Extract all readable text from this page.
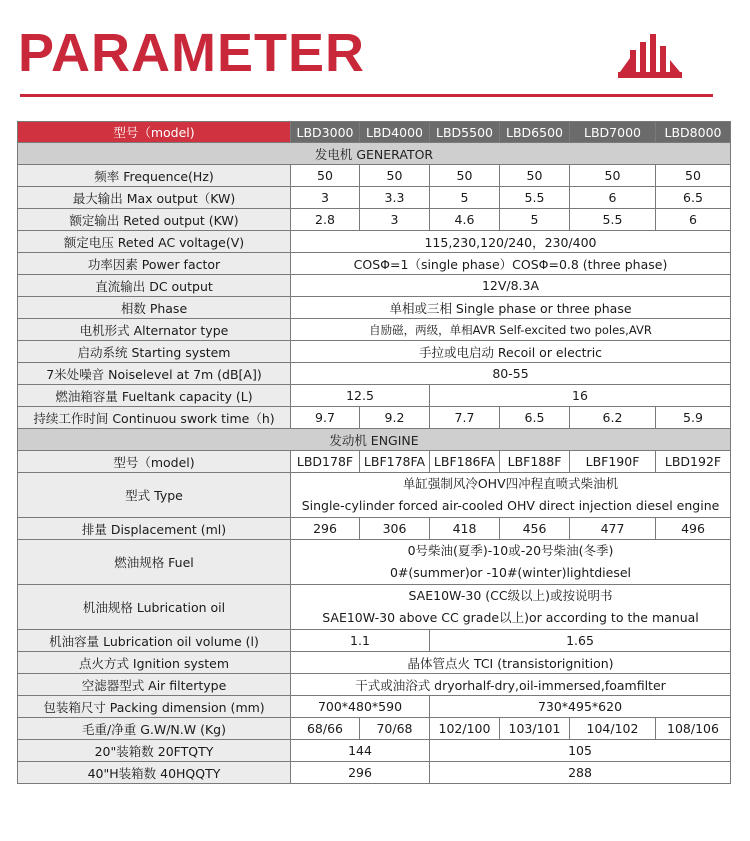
PARAMETER
型号（model)	LBD3000	LBD4000	LBD5500	LBD6500	LBD7000	LBD8000
发电机 GENERATOR						
频率 Frequence(Hz)	50	50	50	50	50	50
最大输出 Max output（KW)	3	3.3	5	5.5	6	6.5
额定输出 Reted output (KW)	2.8	3	4.6	5	5.5	6
额定电压 Reted AC voltage(V)	115,230,120/240，230/400					
功率因素 Power factor	COSΦ=1（single phase）COSΦ=0.8 (three phase)					
直流输出 DC output	12V/8.3A					
相数 Phase	单相或三相 Single phase or three phase					
电机形式 Alternator type	自励磁，两级，单相AVR Self-excited two poles,AVR					
启动系统 Starting system	手拉或电启动 Recoil or electric					
7米处噪音 Noiselevel at 7m (dB[A])	80-55					
燃油箱容量 Fueltank capacity (L)	12.5		16			
持续工作时间 Continuou swork time（h)	9.7	9.2	7.7	6.5	6.2	5.9
发动机 ENGINE						
型号（model)	LBD178F	LBF178FA	LBF186FA	LBF188F	LBF190F	LBD192F
型式 Type	单缸强制风冷OHV四冲程直喷式柴油机
Single-cylinder forced air-cooled OHV direct injection diesel engine					

排量 Displacement (ml)	296	306	418	456	477	496
燃油规格 Fuel	0号柴油(夏季)-10或-20号柴油(冬季)
0#(summer)or -10#(winter)lightdiesel					

机油规格 Lubrication oil	SAE10W-30 (CC级以上)或按说明书
SAE10W-30 above CC grade以上)or according to the manual					

机油容量 Lubrication oil volume (l)	1.1		1.65			
点火方式 Ignition system	晶体管点火 TCI (transistorignition)					
空滤器型式 Air filtertype	干式或油浴式 dryorhalf-dry,oil-immersed,foamfilter					
包装箱尺寸 Packing dimension (mm)	700*480*590		730*495*620			
毛重/净重 G.W/N.W (Kg)	68/66	70/68	102/100	103/101	104/102	108/106
20"装箱数 20FTQTY	144		105			
40"H装箱数 40HQQTY	296		288			
